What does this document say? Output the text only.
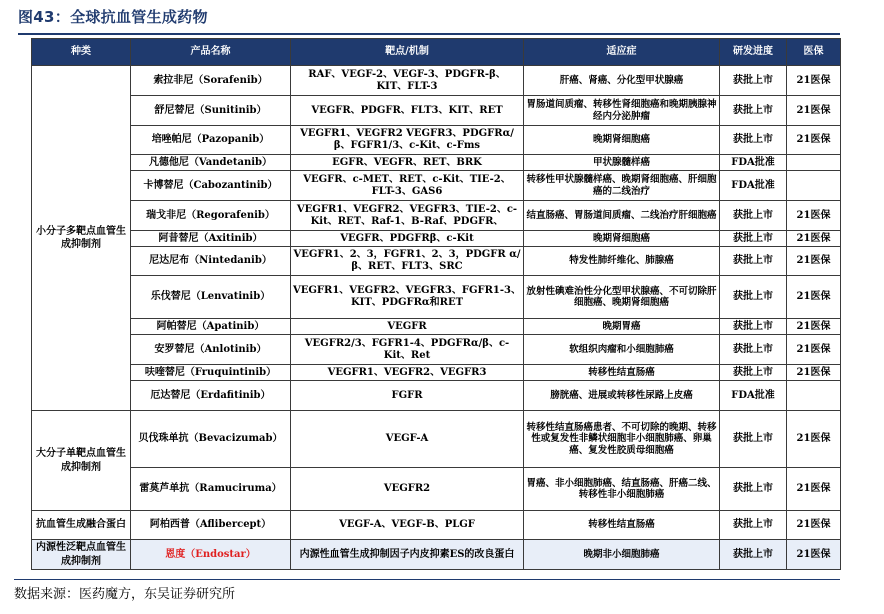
图43：全球抗血管生成药物
种类	产品名称	靶点/机制	适应症	研发进度	医保
小分子多靶点血管生成抑制剂	索拉非尼（Sorafenib）	RAF、VEGF-2、VEGF-3、PDGFR-β、KIT、FLT-3	肝癌、肾癌、分化型甲状腺癌	获批上市	21医保
	舒尼替尼（Sunitinib）	VEGFR、PDGFR、FLT3、KIT、RET	胃肠道间质瘤、转移性肾细胞癌和晚期胰腺神经内分泌肿瘤	获批上市	21医保
	培唑帕尼（Pazopanib）	VEGFR1、VEGFR2 VEGFR3、PDGFRα/β、FGFR1/3、c-Kit、c-Fms	晚期肾细胞癌	获批上市	21医保
	凡德他尼（Vandetanib）	EGFR、VEGFR、RET、BRK	甲状腺髓样癌	FDA批准	
	卡博替尼（Cabozantinib）	VEGFR、c-MET、RET、c-Kit、TIE-2、FLT-3、GAS6	转移性甲状腺髓样癌、晚期肾细胞癌、肝细胞癌的二线治疗	FDA批准	
	瑞戈非尼（Regorafenib）	VEGFR1、VEGFR2、VEGFR3、TIE-2、c-Kit、RET、Raf-1、B-Raf、PDGFR、	结直肠癌、胃肠道间质瘤、二线治疗肝细胞癌	获批上市	21医保
	阿昔替尼（Axitinib）	VEGFR、PDGFRβ、c-Kit	晚期肾细胞癌	获批上市	21医保
	尼达尼布（Nintedanib）	VEGFR1、2、3，FGFR1、2、3，PDGFR α/β、RET、FLT3、SRC	特发性肺纤维化、肺腺癌	获批上市	21医保
	乐伐替尼（Lenvatinib）	VEGFR1、VEGFR2、VEGFR3、FGFR1-3、KIT、PDGFRα和RET	放射性碘难治性分化型甲状腺癌、不可切除肝细胞癌、晚期肾细胞癌	获批上市	21医保
	阿帕替尼（Apatinib）	VEGFR	晚期胃癌	获批上市	21医保
	安罗替尼（Anlotinib）	VEGFR2/3、FGFR1-4、PDGFRα/β、c-Kit、Ret	软组织肉瘤和小细胞肺癌	获批上市	21医保
	呋喹替尼（Fruquintinib）	VEGFR1、VEGFR2、VEGFR3	转移性结直肠癌	获批上市	21医保
	厄达替尼（Erdafitinib）	FGFR	膀胱癌、进展或转移性尿路上皮癌	FDA批准	
大分子单靶点血管生成抑制剂	贝伐珠单抗（Bevacizumab）	VEGF-A	转移性结直肠癌患者、不可切除的晚期、转移性或复发性非鳞状细胞非小细胞肺癌、卵巢癌、复发性胶质母细胞癌	获批上市	21医保
	雷莫芦单抗（Ramuciruma）	VEGFR2	胃癌、非小细胞肺癌、结直肠癌、肝癌二线、转移性非小细胞肺癌	获批上市	21医保
抗血管生成融合蛋白	阿柏西普（Aflibercept）	VEGF-A、VEGF-B、PLGF	转移性结直肠癌	获批上市	21医保
内源性泛靶点血管生成抑制剂	恩度（Endostar）	内源性血管生成抑制因子内皮抑素ES的改良蛋白	晚期非小细胞肺癌	获批上市	21医保
数据来源：医药魔方，东吴证券研究所
